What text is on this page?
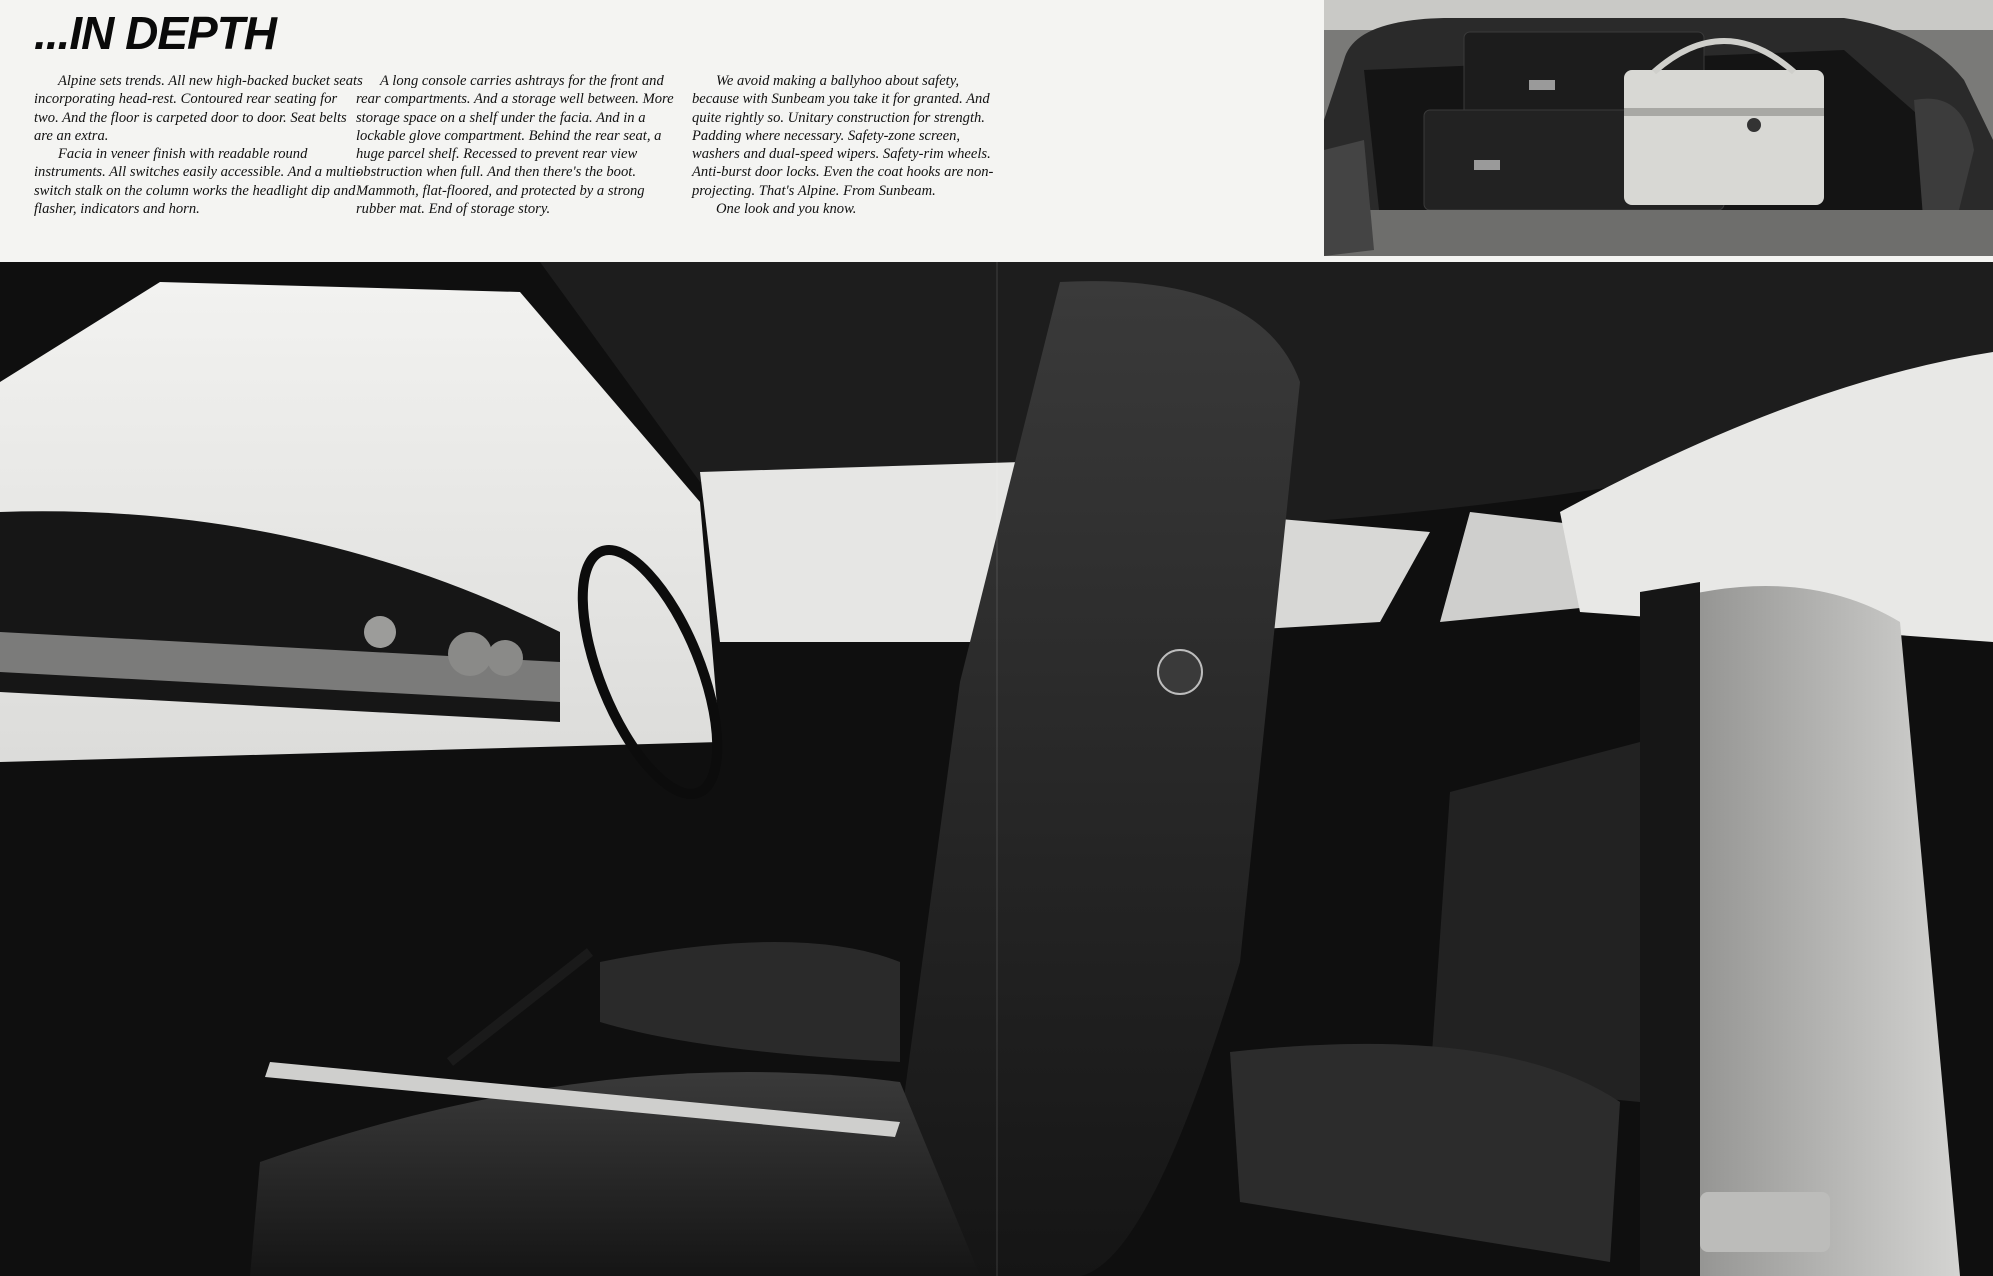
...IN DEPTH

Alpine sets trends. All new high-backed bucket seats incorporating head-rest. Contoured rear seating for two. And the floor is carpeted door to door. Seat belts are an extra.

Facia in veneer finish with readable round instruments. All switches easily accessible. And a multi-switch stalk on the column works the headlight dip and flasher, indicators and horn.

A long console carries ashtrays for the front and rear compartments. And a storage well between. More storage space on a shelf under the facia. And in a lockable glove compartment. Behind the rear seat, a huge parcel shelf. Recessed to prevent rear view obstruction when full. And then there's the boot. Mammoth, flat-floored, and protected by a strong rubber mat. End of storage story.

We avoid making a ballyhoo about safety, because with Sunbeam you take it for granted. And quite rightly so. Unitary construction for strength. Padding where necessary. Safety-zone screen, washers and dual-speed wipers. Safety-rim wheels. Anti-burst door locks. Even the coat hooks are non-projecting. That's Alpine. From Sunbeam.

One look and you know.
